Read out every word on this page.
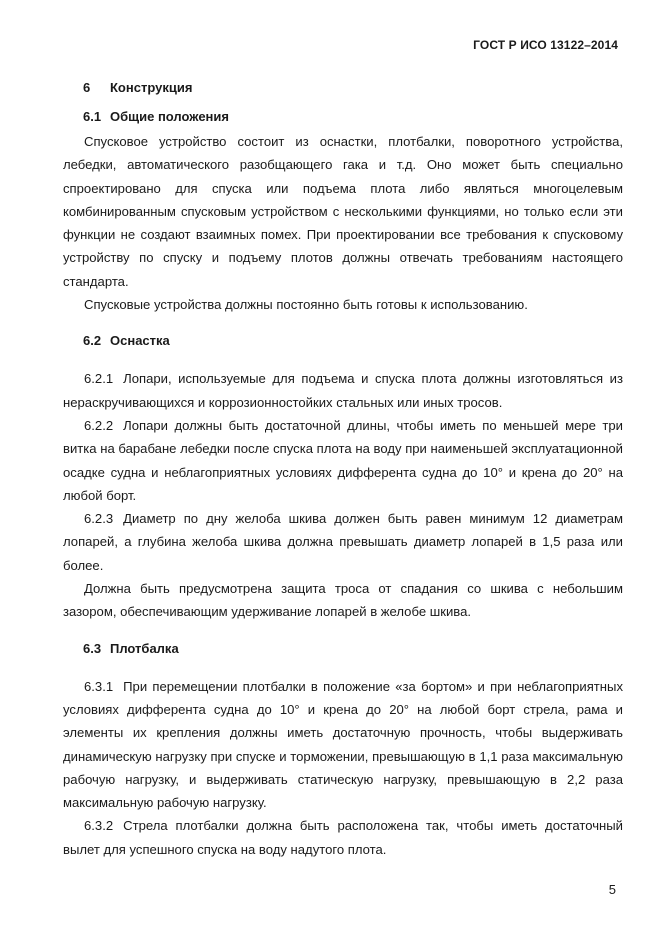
ГОСТ Р ИСО 13122–2014
6 Конструкция
6.1 Общие положения

Спусковое устройство состоит из оснастки, плотбалки, поворотного устройства, лебедки, автоматического разобщающего гака и т.д. Оно может быть специально спроектировано для спуска или подъема плота либо являться многоцелевым комбинированным спусковым устройством с несколькими функциями, но только если эти функции не создают взаимных помех. При проектировании все требования к спусковому устройству по спуску и подъему плотов должны отвечать требованиям настоящего стандарта.

Спусковые устройства должны постоянно быть готовы к использованию.

6.2 Оснастка

6.2.1 Лопари, используемые для подъема и спуска плота должны изготовляться из нераскручивающихся и коррозионностойких стальных или иных тросов.

6.2.2 Лопари должны быть достаточной длины, чтобы иметь по меньшей мере три витка на барабане лебедки после спуска плота на воду при наименьшей эксплуатационной осадке судна и неблагоприятных условиях дифферента судна до 10° и крена до 20° на любой борт.

6.2.3 Диаметр по дну желоба шкива должен быть равен минимум 12 диаметрам лопарей, а глубина желоба шкива должна превышать диаметр лопарей в 1,5 раза или более.

Должна быть предусмотрена защита троса от спадания со шкива с небольшим зазором, обеспечивающим удерживание лопарей в желобе шкива.

6.3 Плотбалка

6.3.1 При перемещении плотбалки в положение «за бортом» и при неблагоприятных условиях дифферента судна до 10° и крена до 20° на любой борт стрела, рама и элементы их крепления должны иметь достаточную прочность, чтобы выдерживать динамическую нагрузку при спуске и торможении, превышающую в 1,1 раза максимальную рабочую нагрузку, и выдерживать статическую нагрузку, превышающую в 2,2 раза максимальную рабочую нагрузку.

6.3.2 Стрела плотбалки должна быть расположена так, чтобы иметь достаточный вылет для успешного спуска на воду надутого плота.

5
